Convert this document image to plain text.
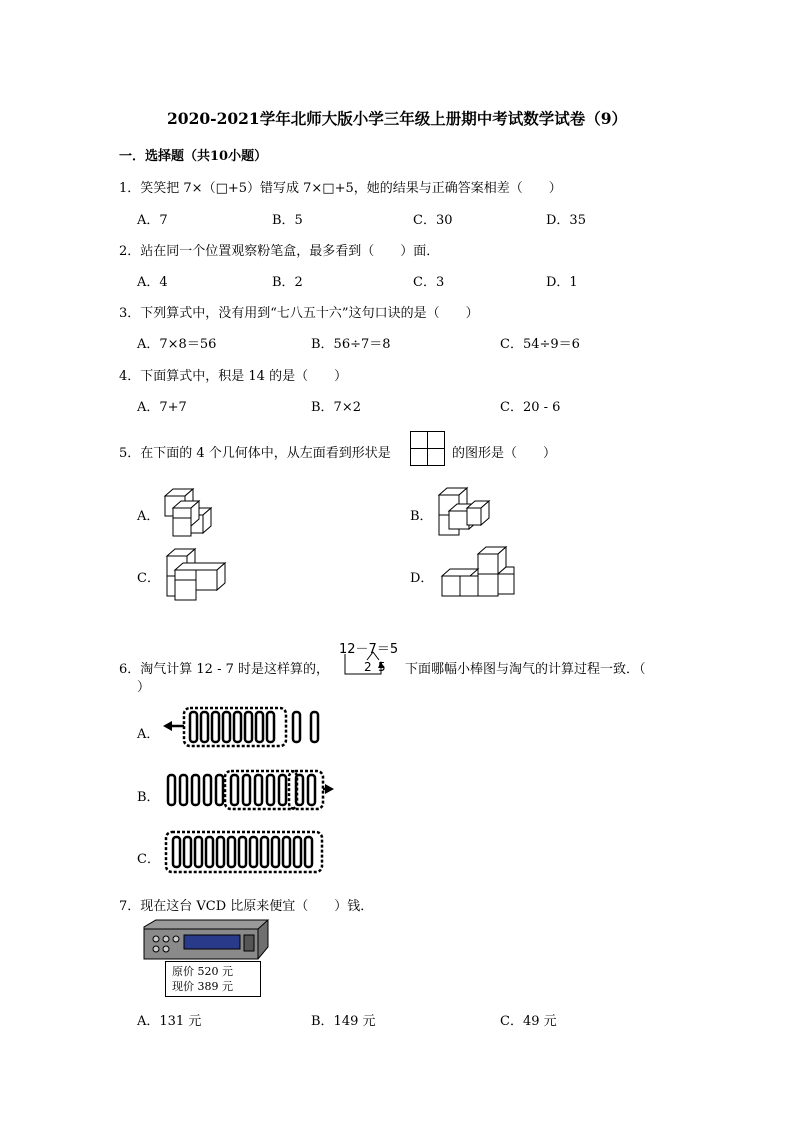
2020-2021学年北师大版小学三年级上册期中考试数学试卷（9）
一．选择题（共10小题）
1．笑笑把 7×（□+5）错写成 7×□+5，她的结果与正确答案相差（　　）
A．7	B．5	C．30	D．35
2．站在同一个位置观察粉笔盒，最多看到（　　）面．
A．4	B．2	C．3	D．1
3．下列算式中，没有用到“七八五十六”这句口诀的是（　　）
A．7×8＝56	B．56÷7＝8	C．54÷9＝6
4．下面算式中，积是 14 的是（　　）
A．7+7	B．7×2	C．20 - 6
5．在下面的 4 个几何体中，从左面看到形状是	的图形是（　　）
A．	B．
C．	D．
6．淘气计算 12 - 7 时是这样算的，
12－7＝5
2 5 下面哪幅小棒图与淘气的计算过程一致．（
）
A．
B．
C．
7．现在这台 VCD 比原来便宜（　　）钱．
原价 520 元
现价 389 元
A．131 元	B．149 元	C．49 元
